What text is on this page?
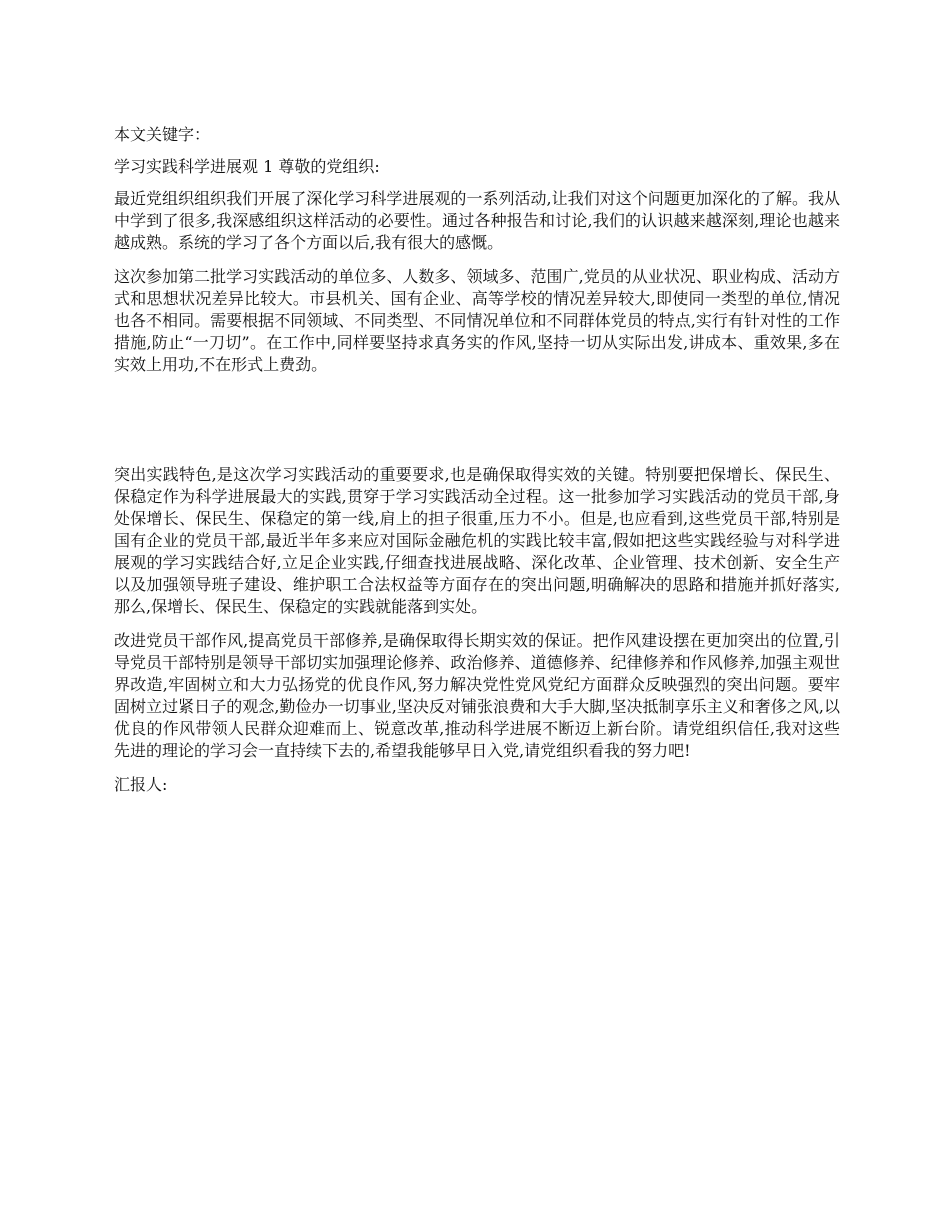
本文关键字：

学习实践科学进展观 1 尊敬的党组织:

最近党组织组织我们开展了深化学习科学进展观的一系列活动,让我们对这个问题更加深化的了解。我从中学到了很多,我深感组织这样活动的必要性。通过各种报告和讨论,我们的认识越来越深刻,理论也越来越成熟。系统的学习了各个方面以后,我有很大的感慨。

这次参加第二批学习实践活动的单位多、人数多、领域多、范围广,党员的从业状况、职业构成、活动方式和思想状况差异比较大。市县机关、国有企业、高等学校的情况差异较大,即使同一类型的单位,情况也各不相同。需要根据不同领域、不同类型、不同情况单位和不同群体党员的特点,实行有针对性的工作措施,防止“一刀切”。在工作中,同样要坚持求真务实的作风,坚持一切从实际出发,讲成本、重效果,多在实效上用功,不在形式上费劲。

突出实践特色,是这次学习实践活动的重要要求,也是确保取得实效的关键。特别要把保增长、保民生、保稳定作为科学进展最大的实践,贯穿于学习实践活动全过程。这一批参加学习实践活动的党员干部,身处保增长、保民生、保稳定的第一线,肩上的担子很重,压力不小。但是,也应看到,这些党员干部,特别是国有企业的党员干部,最近半年多来应对国际金融危机的实践比较丰富,假如把这些实践经验与对科学进展观的学习实践结合好,立足企业实践,仔细查找进展战略、深化改革、企业管理、技术创新、安全生产以及加强领导班子建设、维护职工合法权益等方面存在的突出问题,明确解决的思路和措施并抓好落实,那么,保增长、保民生、保稳定的实践就能落到实处。

改进党员干部作风,提高党员干部修养,是确保取得长期实效的保证。把作风建设摆在更加突出的位置,引导党员干部特别是领导干部切实加强理论修养、政治修养、道德修养、纪律修养和作风修养,加强主观世界改造,牢固树立和大力弘扬党的优良作风,努力解决党性党风党纪方面群众反映强烈的突出问题。要牢固树立过紧日子的观念,勤俭办一切事业,坚决反对铺张浪费和大手大脚,坚决抵制享乐主义和奢侈之风,以优良的作风带领人民群众迎难而上、锐意改革,推动科学进展不断迈上新台阶。请党组织信任,我对这些先进的理论的学习会一直持续下去的,希望我能够早日入党,请党组织看我的努力吧!

汇报人:
